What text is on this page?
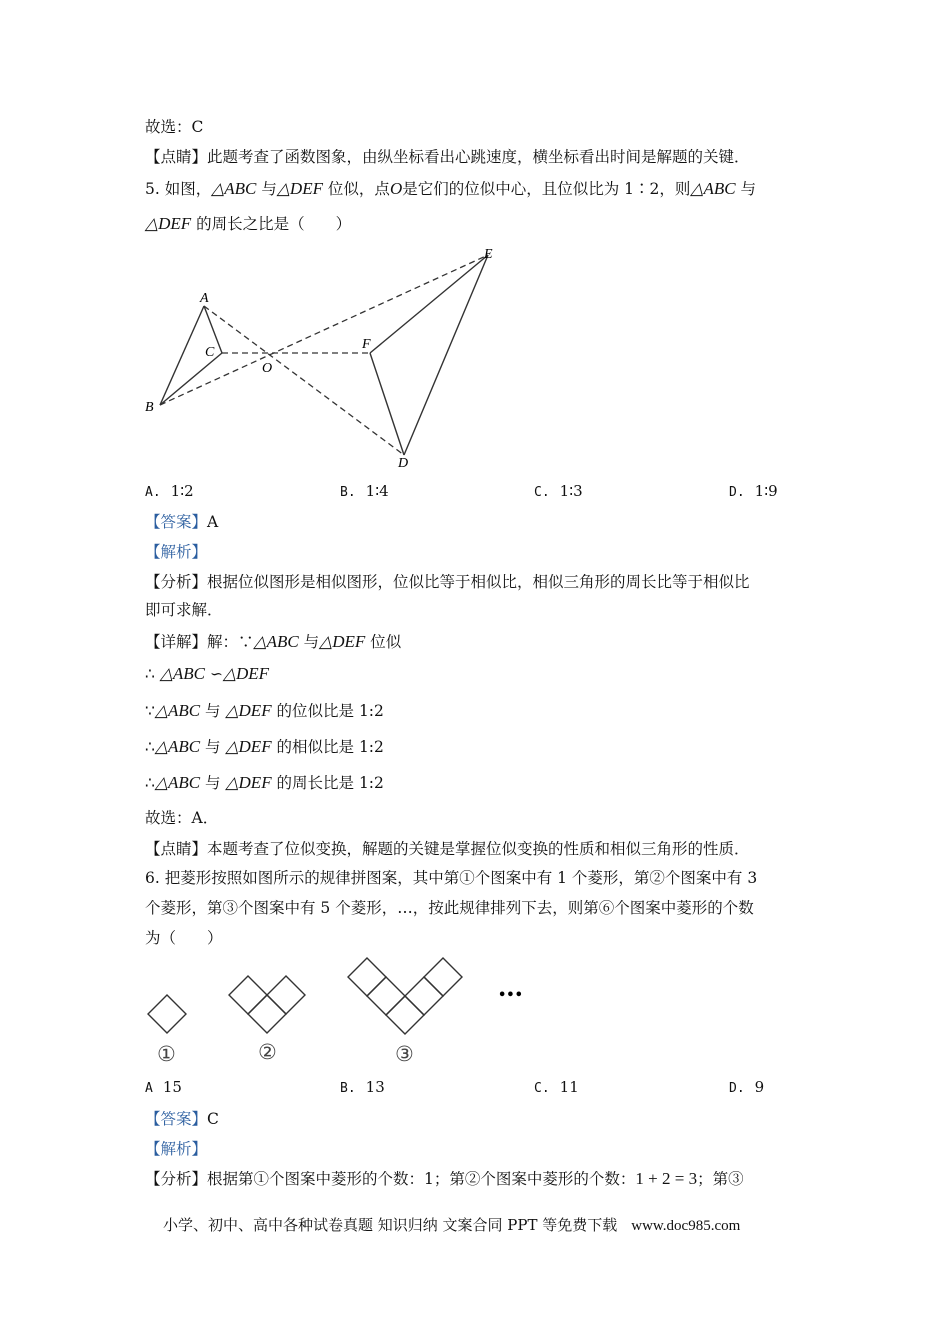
故选：C
【点睛】此题考查了函数图象，由纵坐标看出心跳速度，横坐标看出时间是解题的关键．
5. 如图，△ABC 与△DEF 位似，点O是它们的位似中心，且位似比为 1∶2，则△ABC 与
△DEF 的周长之比是（　　）
A
B
C
O
F
E
D
•••
①	②	③
A. 1∶2	B. 1∶4	C. 1∶3	D. 1∶9
【答案】A
【解析】
【分析】根据位似图形是相似图形，位似比等于相似比，相似三角形的周长比等于相似比
即可求解．
【详解】解：∵△ABC 与△DEF 位似
∴ △ABC ∽△DEF
∵△ABC 与 △DEF 的位似比是 1:2
∴△ABC 与 △DEF 的相似比是 1:2
∴△ABC 与 △DEF 的周长比是 1:2
故选：A．
【点睛】本题考查了位似变换，解题的关键是掌握位似变换的性质和相似三角形的性质．
6. 把菱形按照如图所示的规律拼图案，其中第①个图案中有 1 个菱形，第②个图案中有 3
个菱形，第③个图案中有 5 个菱形，…，按此规律排列下去，则第⑥个图案中菱形的个数
为（　　）
A 15	B. 13	C. 11	D. 9
【答案】C
【解析】
【分析】根据第①个图案中菱形的个数：1；第②个图案中菱形的个数：1 + 2 = 3；第③
小学、初中、高中各种试卷真题 知识归纳 文案合同 PPT 等免费下载 www.doc985.com
